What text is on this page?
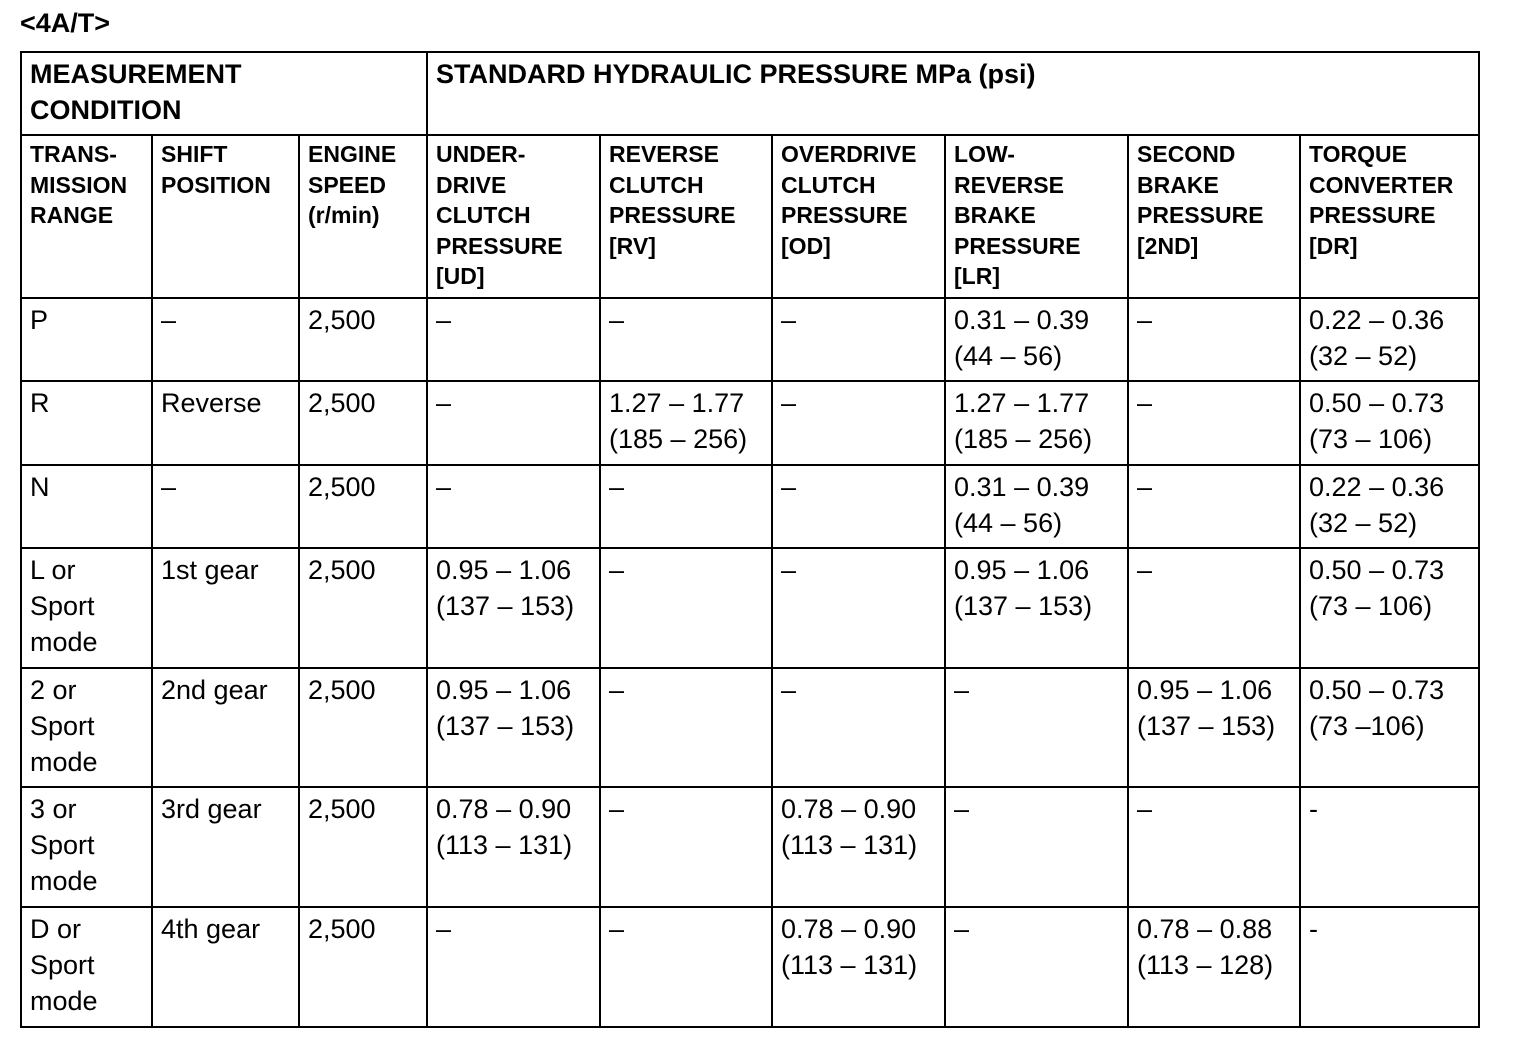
<4A/T>
MEASUREMENT
CONDITION			STANDARD HYDRAULIC PRESSURE MPa (psi)					

TRANS-
MISSION
RANGE	SHIFT
POSITION	ENGINE
SPEED
(r/min)	UNDER-
DRIVE
CLUTCH
PRESSURE
[UD]	REVERSE
CLUTCH
PRESSURE
[RV]	OVERDRIVE
CLUTCH
PRESSURE
[OD]	LOW-
REVERSE
BRAKE
PRESSURE
[LR]	SECOND
BRAKE
PRESSURE
[2ND]	TORQUE
CONVERTER
PRESSURE
[DR]

P	–	2,500	–	–	–	0.31 – 0.39
(44 – 56)	–	0.22 – 0.36
(32 – 52)

R	Reverse	2,500	–	1.27 – 1.77
(185 – 256)	–	1.27 – 1.77
(185 – 256)	–	0.50 – 0.73
(73 – 106)

N	–	2,500	–	–	–	0.31 – 0.39
(44 – 56)	–	0.22 – 0.36
(32 – 52)

L or
Sport
mode	1st gear	2,500	0.95 – 1.06
(137 – 153)	–	–	0.95 – 1.06
(137 – 153)	–	0.50 – 0.73
(73 – 106)

2 or
Sport
mode	2nd gear	2,500	0.95 – 1.06
(137 – 153)	–	–	–	0.95 – 1.06
(137 – 153)	0.50 – 0.73
(73 –106)

3 or
Sport
mode	3rd gear	2,500	0.78 – 0.90
(113 – 131)	–	0.78 – 0.90
(113 – 131)	–	–	-

D or
Sport
mode	4th gear	2,500	–	–	0.78 – 0.90
(113 – 131)	–	0.78 – 0.88
(113 – 128)	-
